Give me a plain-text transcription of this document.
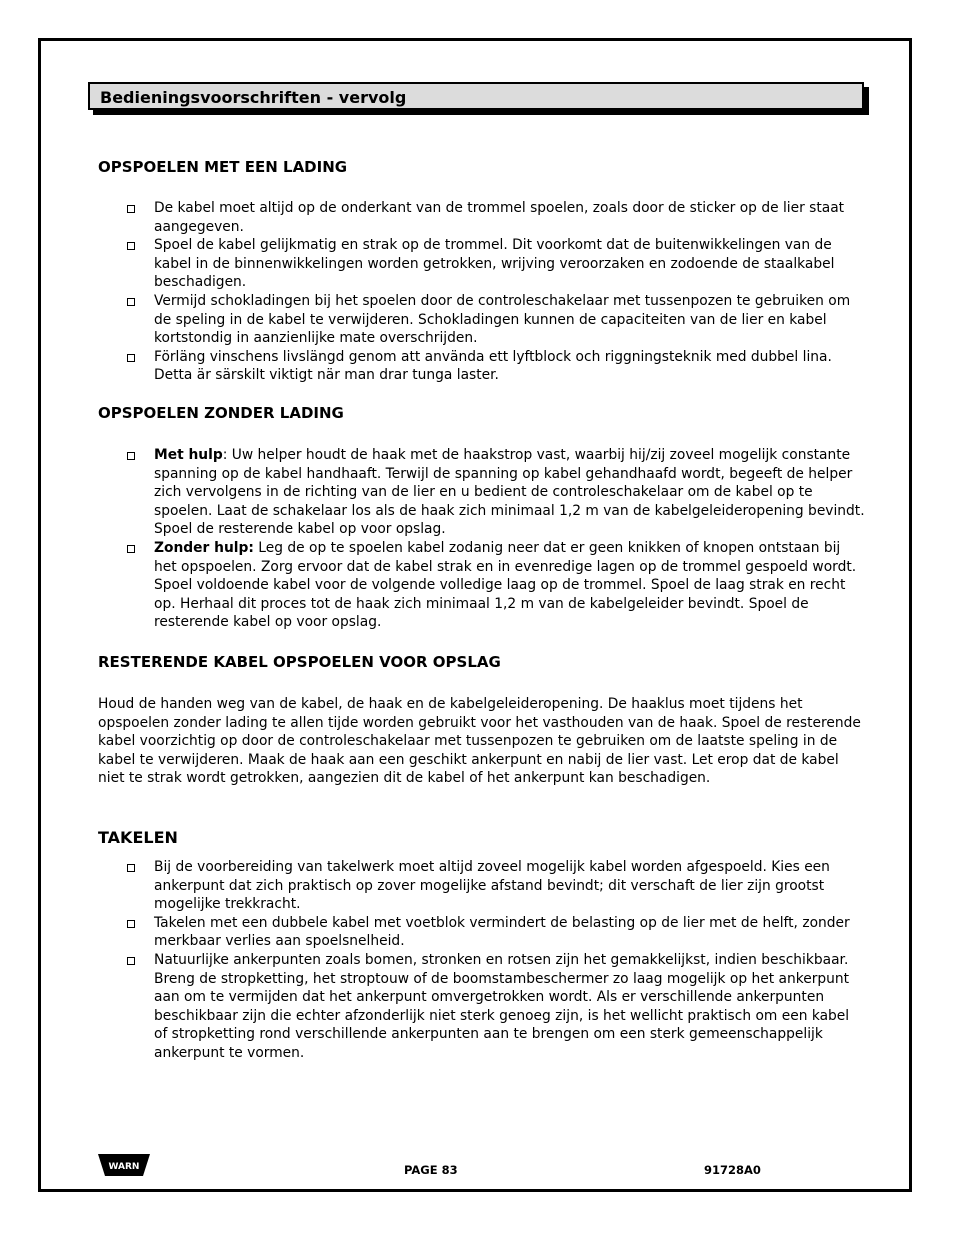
Bedieningsvoorschriften - vervolg
OPSPOELEN MET EEN LADING
De kabel moet altijd op de onderkant van de trommel spoelen, zoals door de sticker op de lier staat aangegeven.
Spoel de kabel gelijkmatig en strak op de trommel. Dit voorkomt dat de buitenwikkelingen van de kabel in de binnenwikkelingen worden getrokken, wrijving veroorzaken en zodoende de staalkabel beschadigen.
Vermijd schokladingen bij het spoelen door de controleschakelaar met tussenpozen te gebruiken om de speling in de kabel te verwijderen. Schokladingen kunnen de capaciteiten van de lier en kabel kortstondig in aanzienlijke mate overschrijden.
Förläng vinschens livslängd genom att använda ett lyftblock och riggningsteknik med dubbel lina. Detta är särskilt viktigt när man drar tunga laster.
OPSPOELEN ZONDER LADING
Met hulp: Uw helper houdt de haak met de haakstrop vast, waarbij hij/zij zoveel mogelijk constante spanning op de kabel handhaaft. Terwijl de spanning op kabel gehandhaafd wordt, begeeft de helper zich vervolgens in de richting van de lier en u bedient de controleschakelaar om de kabel op te spoelen. Laat de schakelaar los als de haak zich minimaal 1,2 m van de kabelgeleideropening bevindt. Spoel de resterende kabel op voor opslag.
Zonder hulp: Leg de op te spoelen kabel zodanig neer dat er geen knikken of knopen ontstaan bij het opspoelen. Zorg ervoor dat de kabel strak en in evenredige lagen op de trommel gespoeld wordt. Spoel voldoende kabel voor de volgende volledige laag op de trommel. Spoel de laag strak en recht op. Herhaal dit proces tot de haak zich minimaal 1,2 m van de kabelgeleider bevindt. Spoel de resterende kabel op voor opslag.
RESTERENDE KABEL OPSPOELEN VOOR OPSLAG

Houd de handen weg van de kabel, de haak en de kabelgeleideropening. De haaklus moet tijdens het opspoelen zonder lading te allen tijde worden gebruikt voor het vasthouden van de haak. Spoel de resterende kabel voorzichtig op door de controleschakelaar met tussenpozen te gebruiken om de laatste speling in de kabel te verwijderen. Maak de haak aan een geschikt ankerpunt en nabij de lier vast. Let erop dat de kabel niet te strak wordt getrokken, aangezien dit de kabel of het ankerpunt kan beschadigen.

TAKELEN
Bij de voorbereiding van takelwerk moet altijd zoveel mogelijk kabel worden afgespoeld. Kies een ankerpunt dat zich praktisch op zover mogelijke afstand bevindt; dit verschaft de lier zijn grootst mogelijke trekkracht.
Takelen met een dubbele kabel met voetblok vermindert de belasting op de lier met de helft, zonder merkbaar verlies aan spoelsnelheid.
Natuurlijke ankerpunten zoals bomen, stronken en rotsen zijn het gemakkelijkst, indien beschikbaar. Breng de stropketting, het stroptouw of de boomstambeschermer zo laag mogelijk op het ankerpunt aan om te vermijden dat het ankerpunt omvergetrokken wordt. Als er verschillende ankerpunten beschikbaar zijn die echter afzonderlijk niet sterk genoeg zijn, is het wellicht praktisch om een kabel of stropketting rond verschillende ankerpunten aan te brengen om een sterk gemeenschappelijk ankerpunt te vormen.
WARN	PAGE 83	91728A0
